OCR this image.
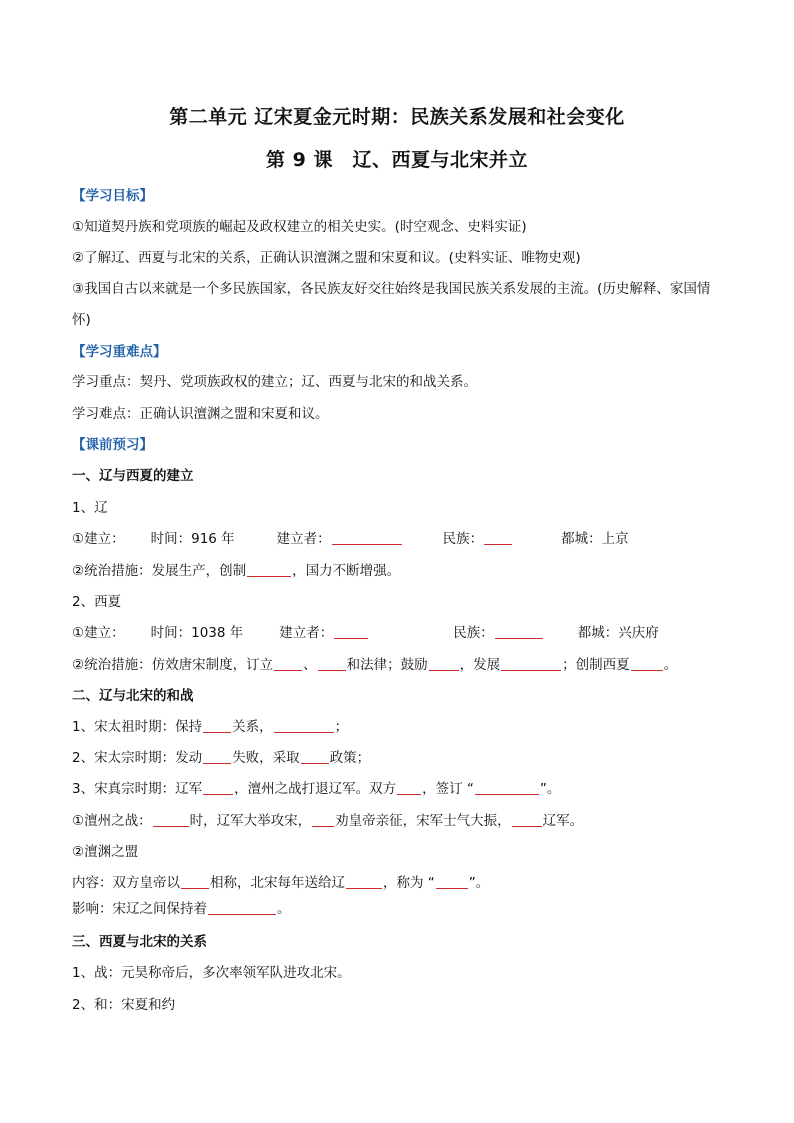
第二单元 辽宋夏金元时期：民族关系发展和社会变化
第 9 课　辽、西夏与北宋并立
【学习目标】
①知道契丹族和党项族的崛起及政权建立的相关史实。(时空观念、史料实证)
②了解辽、西夏与北宋的关系，正确认识澶渊之盟和宋夏和议。(史料实证、唯物史观)
③我国自古以来就是一个多民族国家，各民族友好交往始终是我国民族关系发展的主流。(历史解释、家国情怀)
【学习重难点】
学习重点：契丹、党项族政权的建立；辽、西夏与北宋的和战关系。
学习难点：正确认识澶渊之盟和宋夏和议。
【课前预习】
一、辽与西夏的建立
1、辽
①建立： 时间：916 年	建立者：	民族：	都城：上京
②统治措施：发展生产，创制	，国力不断增强。
2、西夏
①建立： 时间：1038 年	建立者：	民族：	都城：兴庆府
②统治措施：仿效唐宋制度，订立 、 和法律；鼓励 ，发展	；创制西夏	。
二、辽与北宋的和战
1、宋太祖时期：保持 关系，	；
2、宋太宗时期：发动 失败，采取 政策；
3、宋真宗时期：辽军 ，澶州之战打退辽军。双方 ，签订 “	”。
①澶州之战：	时，辽军大举攻宋， 劝皇帝亲征，宋军士气大振， 辽军。
②澶渊之盟
内容：双方皇帝以 相称，北宋每年送给辽	，称为 “	”。
影响：宋辽之间保持着	。
三、西夏与北宋的关系
1、战：元昊称帝后，多次率领军队进攻北宋。
2、和：宋夏和约
